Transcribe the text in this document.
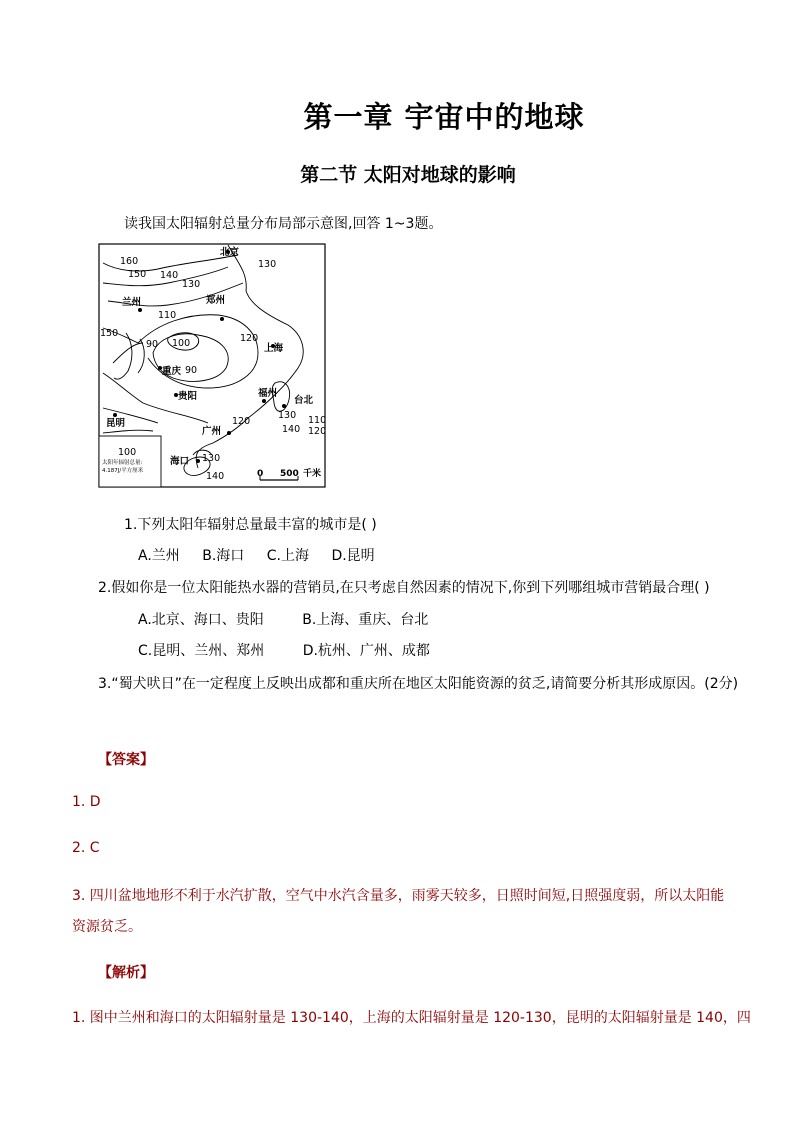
第一章 宇宙中的地球
第二节 太阳对地球的影响
读我国太阳辐射总量分布局部示意图,回答 1~3题。
160
150 140
130
150
110
100
90
90
130
120
120
130
140
110
120
100
130
140
北京
兰州	郑州
上海
重庆
贵阳	福州
台北
昆明
广州
海口
太阳年辐射总量:
4.187J/平方厘米	0 500 千米
1.下列太阳年辐射总量最丰富的城市是( )
A.兰州 B.海口 C.上海 D.昆明
2.假如你是一位太阳能热水器的营销员,在只考虑自然因素的情况下,你到下列哪组城市营销最合理( )
A.北京、海口、贵阳	B.上海、重庆、台北
C.昆明、兰州、郑州	D.杭州、广州、成都
3.“蜀犬吠日”在一定程度上反映出成都和重庆所在地区太阳能资源的贫乏,请简要分析其形成原因。(2分)
【答案】
1. D
2. C
3. 四川盆地地形不利于水汽扩散，空气中水汽含量多，雨雾天较多，日照时间短,日照强度弱，所以太阳能
资源贫乏。
【解析】
1. 图中兰州和海口的太阳辐射量是 130-140，上海的太阳辐射量是 120-130，昆明的太阳辐射量是 140，四
